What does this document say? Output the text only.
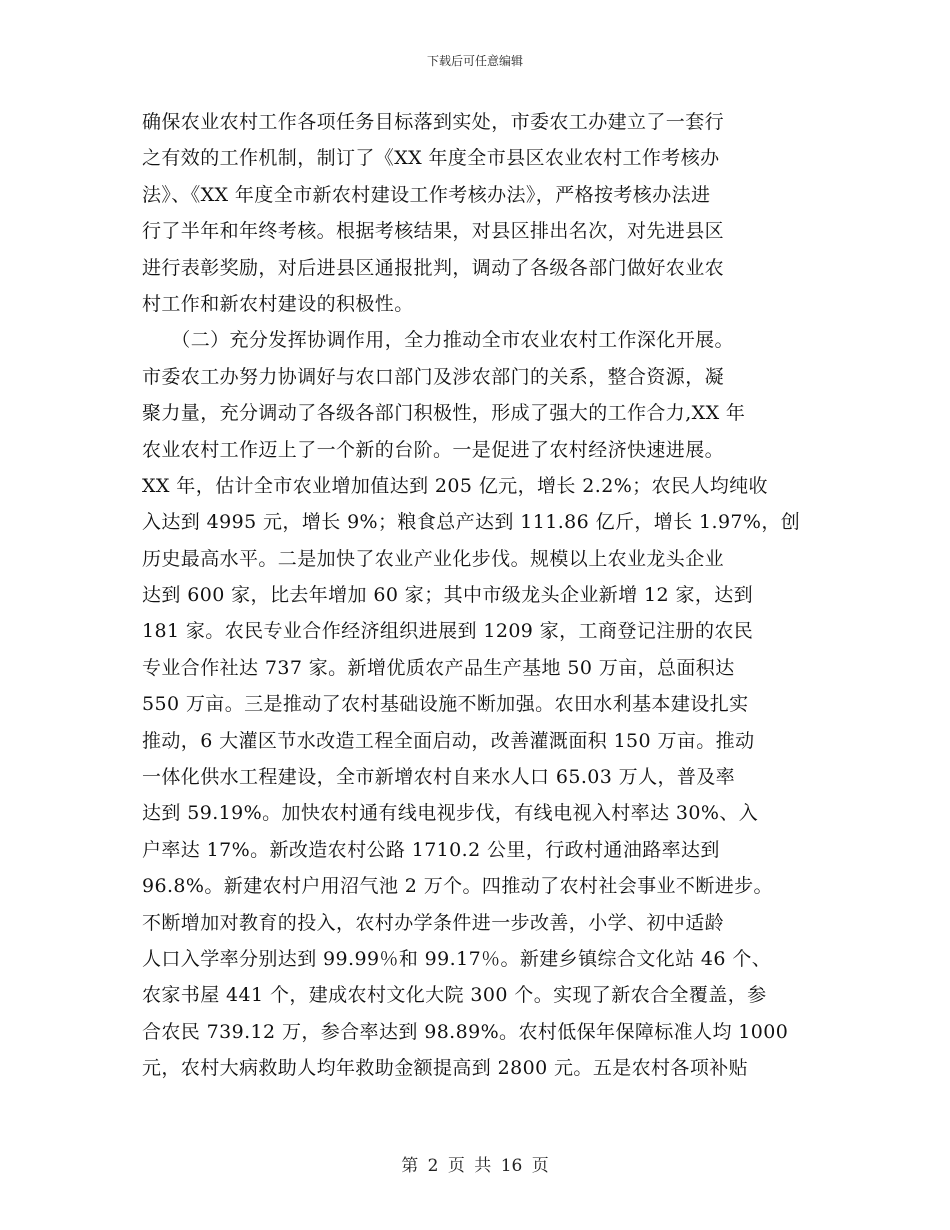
下载后可任意编辑
确保农业农村工作各项任务目标落到实处，市委农工办建立了一套行
之有效的工作机制，制订了《XX 年度全市县区农业农村工作考核办
法》、《XX 年度全市新农村建设工作考核办法》，严格按考核办法进
行了半年和年终考核。根据考核结果，对县区排出名次，对先进县区
进行表彰奖励，对后进县区通报批判，调动了各级各部门做好农业农
村工作和新农村建设的积极性。
　　（二）充分发挥协调作用，全力推动全市农业农村工作深化开展。
市委农工办努力协调好与农口部门及涉农部门的关系，整合资源，凝
聚力量，充分调动了各级各部门积极性，形成了强大的工作合力,XX 年
农业农村工作迈上了一个新的台阶。一是促进了农村经济快速进展。
XX 年，估计全市农业增加值达到 205 亿元，增长 2.2%；农民人均纯收
入达到 4995 元，增长 9%；粮食总产达到 111.86 亿斤，增长 1.97%，创
历史最高水平。二是加快了农业产业化步伐。规模以上农业龙头企业
达到 600 家，比去年增加 60 家；其中市级龙头企业新增 12 家，达到
181 家。农民专业合作经济组织进展到 1209 家，工商登记注册的农民
专业合作社达 737 家。新增优质农产品生产基地 50 万亩，总面积达
550 万亩。三是推动了农村基础设施不断加强。农田水利基本建设扎实
推动，6 大灌区节水改造工程全面启动，改善灌溉面积 150 万亩。推动
一体化供水工程建设，全市新增农村自来水人口 65.03 万人，普及率
达到 59.19%。加快农村通有线电视步伐，有线电视入村率达 30%、入
户率达 17%。新改造农村公路 1710.2 公里，行政村通油路率达到
96.8%。新建农村户用沼气池 2 万个。四推动了农村社会事业不断进步。
不断增加对教育的投入，农村办学条件进一步改善，小学、初中适龄
人口入学率分别达到 99.99％和 99.17％。新建乡镇综合文化站 46 个、
农家书屋 441 个，建成农村文化大院 300 个。实现了新农合全覆盖，参
合农民 739.12 万，参合率达到 98.89%。农村低保年保障标准人均 1000
元，农村大病救助人均年救助金额提高到 2800 元。五是农村各项补贴
第 2 页 共 16 页
